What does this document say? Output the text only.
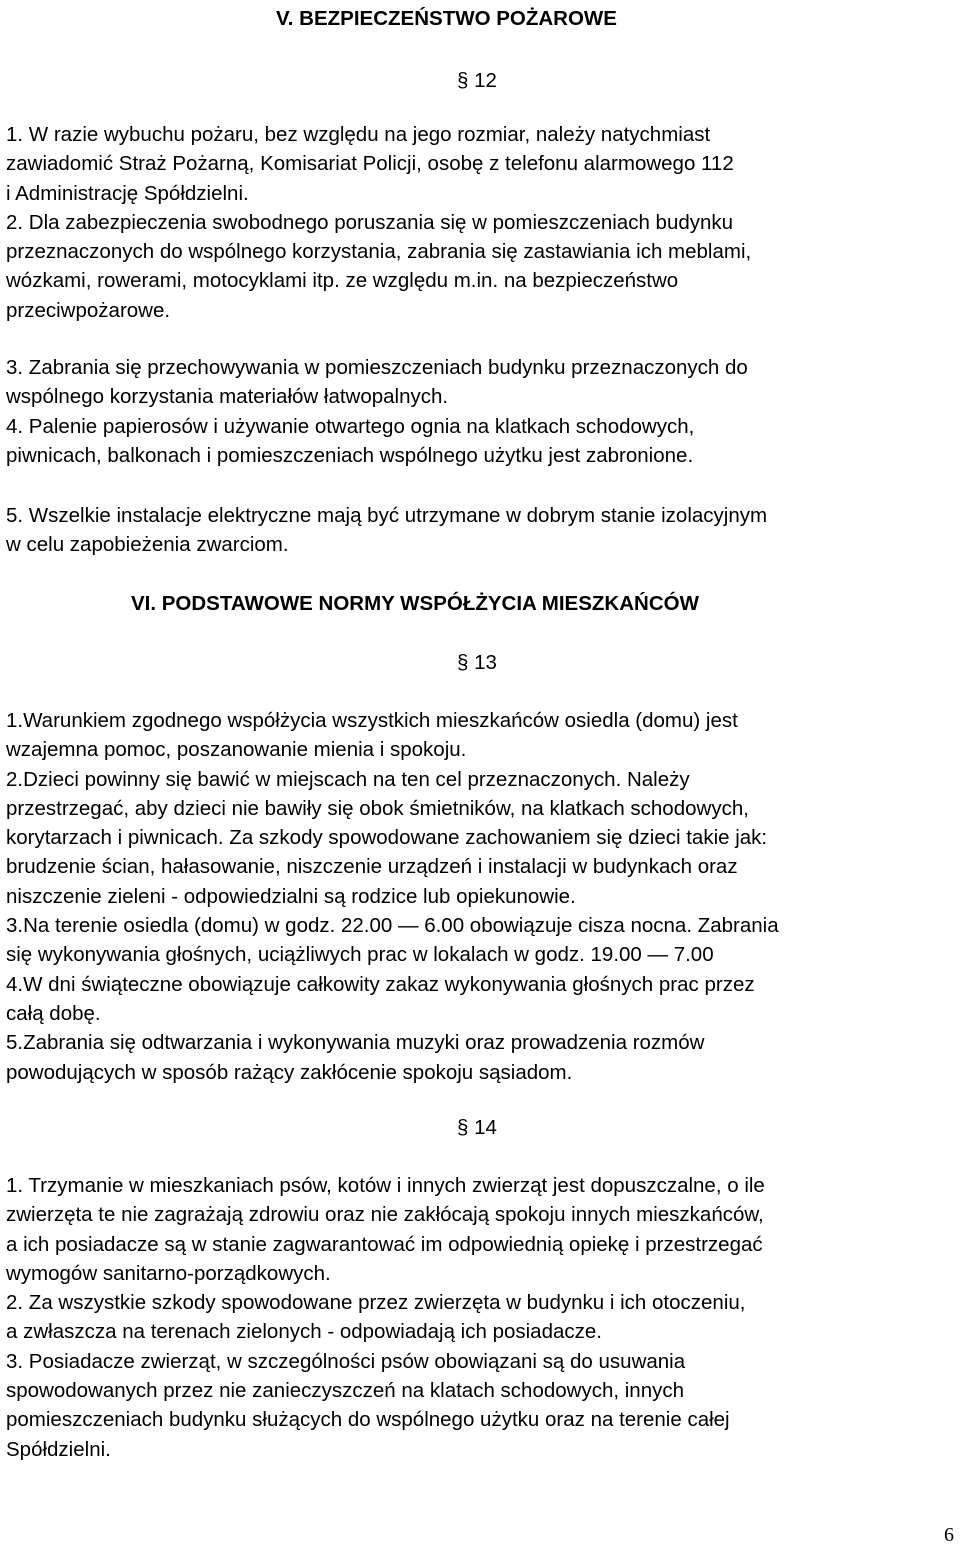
V. BEZPIECZEŃSTWO POŻAROWE
§ 12

1. W razie wybuchu pożaru, bez względu na jego rozmiar, należy natychmiast
zawiadomić Straż Pożarną, Komisariat Policji, osobę z telefonu alarmowego 112
i Administrację Spółdzielni.

2. Dla zabezpieczenia swobodnego poruszania się w pomieszczeniach budynku
przeznaczonych do wspólnego korzystania, zabrania się zastawiania ich meblami,
wózkami, rowerami, motocyklami itp. ze względu m.in. na bezpieczeństwo
przeciwpożarowe.

3. Zabrania się przechowywania w pomieszczeniach budynku przeznaczonych do
wspólnego korzystania materiałów łatwopalnych.

4. Palenie papierosów i używanie otwartego ognia na klatkach schodowych,
piwnicach, balkonach i pomieszczeniach wspólnego użytku jest zabronione.

5. Wszelkie instalacje elektryczne mają być utrzymane w dobrym stanie izolacyjnym
w celu zapobieżenia zwarciom.

VI. PODSTAWOWE NORMY WSPÓŁŻYCIA MIESZKAŃCÓW
§ 13

1.Warunkiem zgodnego współżycia wszystkich mieszkańców osiedla (domu) jest
wzajemna pomoc, poszanowanie mienia i spokoju.

2.Dzieci powinny się bawić w miejscach na ten cel przeznaczonych. Należy
przestrzegać, aby dzieci nie bawiły się obok śmietników, na klatkach schodowych,
korytarzach i piwnicach. Za szkody spowodowane zachowaniem się dzieci takie jak:
brudzenie ścian, hałasowanie, niszczenie urządzeń i instalacji w budynkach oraz
niszczenie zieleni - odpowiedzialni są rodzice lub opiekunowie.

3.Na terenie osiedla (domu) w godz. 22.00 — 6.00 obowiązuje cisza nocna. Zabrania
się wykonywania głośnych, uciążliwych prac w lokalach w godz. 19.00 — 7.00

4.W dni świąteczne obowiązuje całkowity zakaz wykonywania głośnych prac przez
całą dobę.

5.Zabrania się odtwarzania i wykonywania muzyki oraz prowadzenia rozmów
powodujących w sposób rażący zakłócenie spokoju sąsiadom.

§ 14

1. Trzymanie w mieszkaniach psów, kotów i innych zwierząt jest dopuszczalne, o ile
zwierzęta te nie zagrażają zdrowiu oraz nie zakłócają spokoju innych mieszkańców,
a ich posiadacze są w stanie zagwarantować im odpowiednią opiekę i przestrzegać
wymogów sanitarno-porządkowych.

2. Za wszystkie szkody spowodowane przez zwierzęta w budynku i ich otoczeniu,
a zwłaszcza na terenach zielonych - odpowiadają ich posiadacze.

3. Posiadacze zwierząt, w szczególności psów obowiązani są do usuwania
spowodowanych przez nie zanieczyszczeń na klatach schodowych, innych
pomieszczeniach budynku służących do wspólnego użytku oraz na terenie całej
Spółdzielni.

6
